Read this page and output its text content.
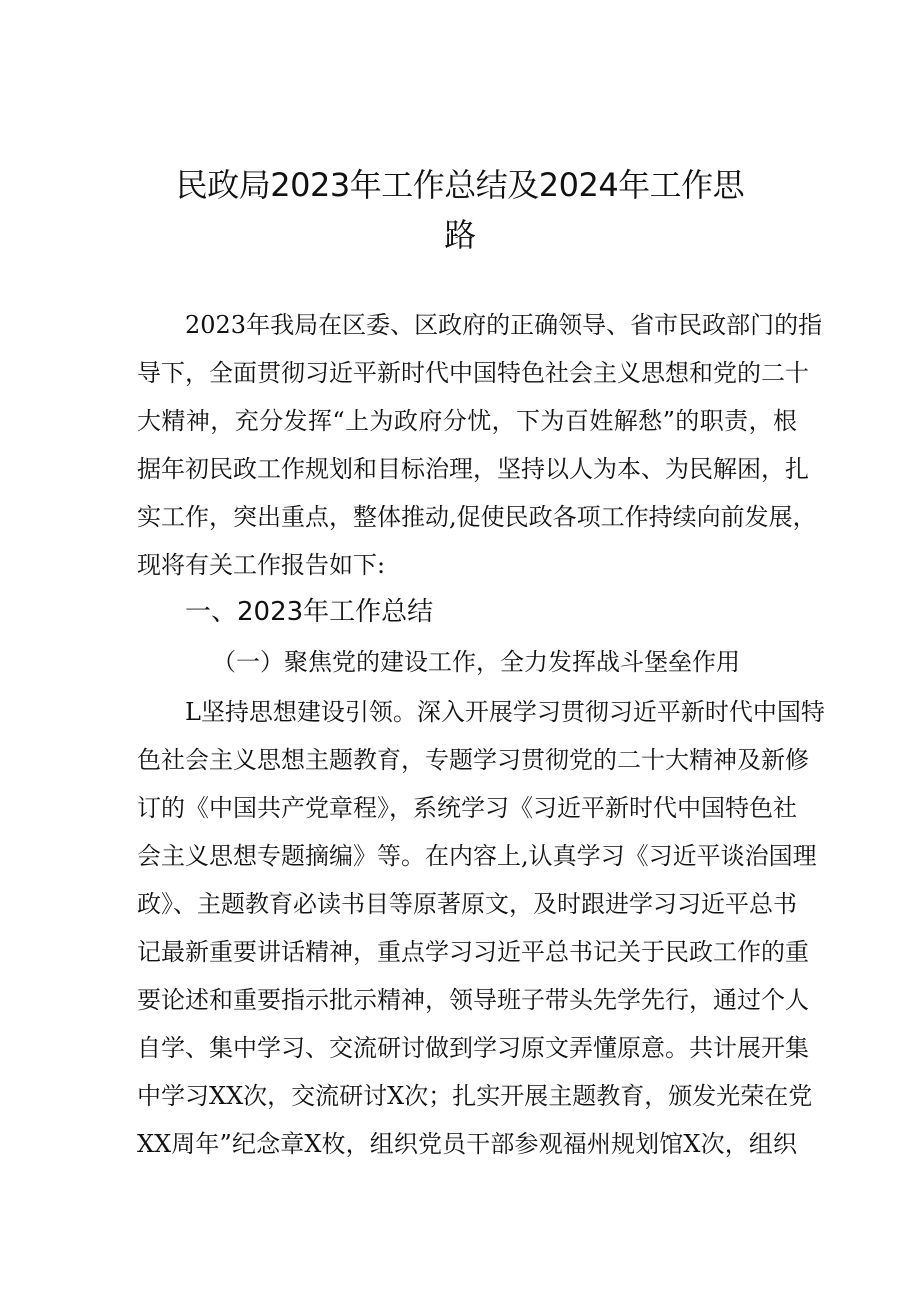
民政局2023年工作总结及2024年工作思
路
2023年我局在区委、区政府的正确领导、省市民政部门的指
导下，全面贯彻习近平新时代中国特色社会主义思想和党的二十
大精神，充分发挥“上为政府分忧，下为百姓解愁”的职责，根
据年初民政工作规划和目标治理，坚持以人为本、为民解困，扎
实工作，突出重点，整体推动,促使民政各项工作持续向前发展，
现将有关工作报告如下:
一、2023年工作总结
（一）聚焦党的建设工作，全力发挥战斗堡垒作用
L坚持思想建设引领。深入开展学习贯彻习近平新时代中国特
色社会主义思想主题教育，专题学习贯彻党的二十大精神及新修
订的《中国共产党章程》，系统学习《习近平新时代中国特色社
会主义思想专题摘编》等。在内容上,认真学习《习近平谈治国理
政》、主题教育必读书目等原著原文，及时跟进学习习近平总书
记最新重要讲话精神，重点学习习近平总书记关于民政工作的重
要论述和重要指示批示精神，领导班子带头先学先行，通过个人
自学、集中学习、交流研讨做到学习原文弄懂原意。共计展开集
中学习XX次，交流研讨X次；扎实开展主题教育，颁发光荣在党
XX周年”纪念章X枚，组织党员干部参观福州规划馆X次，组织
